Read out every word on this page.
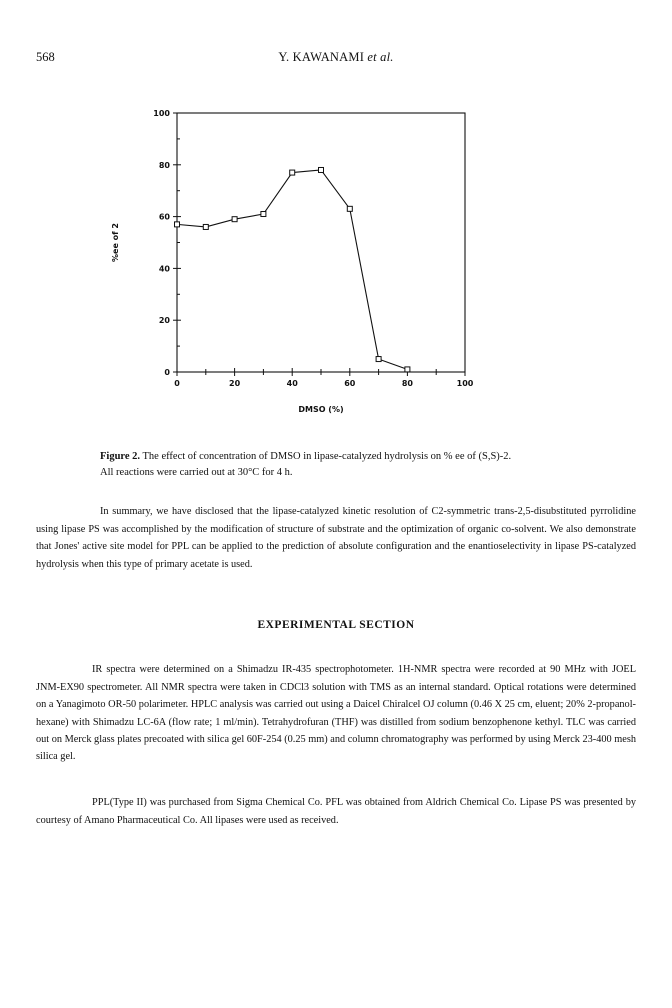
568	Y. KAWANAMI et al.
0
20
40
60
80
100
0	20	40	60	80	100
DMSO (%)
%ee of 2
Figure 2. The effect of concentration of DMSO in lipase-catalyzed hydrolysis on % ee of (S,S)-2.
All reactions were carried out at 30°C for 4 h.

In summary, we have disclosed that the lipase-catalyzed kinetic resolution of C2-symmetric trans-2,5-disubstituted pyrrolidine using lipase PS was accomplished by the modification of structure of substrate and the optimization of organic co-solvent. We also demonstrate that Jones' active site model for PPL can be applied to the prediction of absolute configuration and the enantioselectivity in lipase PS-catalyzed hydrolysis when this type of primary acetate is used.

EXPERIMENTAL SECTION

IR spectra were determined on a Shimadzu IR-435 spectrophotometer. 1H-NMR spectra were recorded at 90 MHz with JOEL JNM-EX90 spectrometer. All NMR spectra were taken in CDCl3 solution with TMS as an internal standard. Optical rotations were determined on a Yanagimoto OR-50 polarimeter. HPLC analysis was carried out using a Daicel Chiralcel OJ column (0.46 X 25 cm, eluent; 20% 2-propanol-hexane) with Shimadzu LC-6A (flow rate; 1 ml/min). Tetrahydrofuran (THF) was distilled from sodium benzophenone kethyl. TLC was carried out on Merck glass plates precoated with silica gel 60F-254 (0.25 mm) and column chromatography was performed by using Merck 23-400 mesh silica gel.

PPL(Type II) was purchased from Sigma Chemical Co. PFL was obtained from Aldrich Chemical Co. Lipase PS was presented by courtesy of Amano Pharmaceutical Co. All lipases were used as received.
